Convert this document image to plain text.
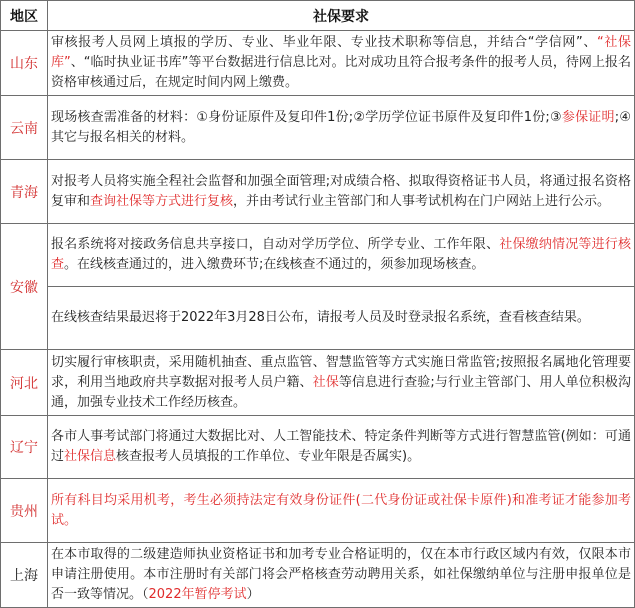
地区	社保要求
山东	审核报考人员网上填报的学历、专业、毕业年限、专业技术职称等信息，并结合“学信网”、“社保库”、“临时执业证书库”等平台数据进行信息比对。比对成功且符合报考条件的报考人员，待网上报名资格审核通过后，在规定时间内网上缴费。
云南	现场核查需准备的材料：①身份证原件及复印件1份;②学历学位证书原件及复印件1份;③参保证明;④其它与报名相关的材料。
青海	对报考人员将实施全程社会监督和加强全面管理;对成绩合格、拟取得资格证书人员，将通过报名资格复审和查询社保等方式进行复核，并由考试行业主管部门和人事考试机构在门户网站上进行公示。
安徽	报名系统将对接政务信息共享接口，自动对学历学位、所学专业、工作年限、社保缴纳情况等进行核查。在线核查通过的，进入缴费环节;在线核查不通过的，须参加现场核查。
	在线核查结果最迟将于2022年3月28日公布，请报考人员及时登录报名系统，查看核查结果。
河北	切实履行审核职责，采用随机抽查、重点监管、智慧监管等方式实施日常监管;按照报名属地化管理要求，利用当地政府共享数据对报考人员户籍、社保等信息进行查验;与行业主管部门、用人单位积极沟通，加强专业技术工作经历核查。
辽宁	各市人事考试部门将通过大数据比对、人工智能技术、特定条件判断等方式进行智慧监管(例如：可通过社保信息核查报考人员填报的工作单位、专业年限是否属实)。
贵州	所有科目均采用机考，考生必须持法定有效身份证件(二代身份证或社保卡原件)和准考证才能参加考试。
上海	在本市取得的二级建造师执业资格证书和加考专业合格证明的，仅在本市行政区域内有效，仅限本市申请注册使用。本市注册时有关部门将会严格核查劳动聘用关系，如社保缴纳单位与注册申报单位是否一致等情况。（2022年暂停考试）
